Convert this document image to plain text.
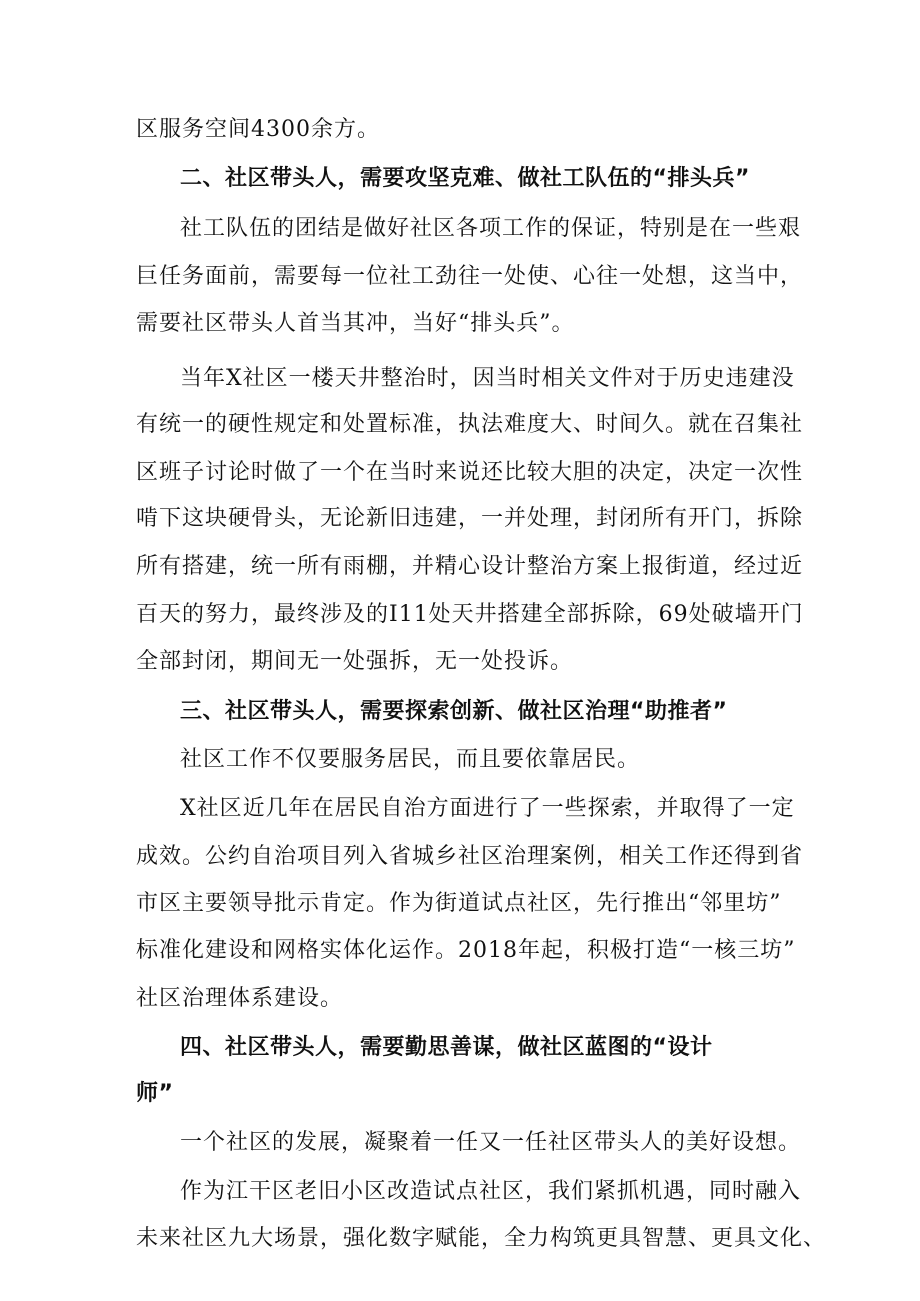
区服务空间4300余方。
二、社区带头人，需要攻坚克难、做社工队伍的“排头兵”
社工队伍的团结是做好社区各项工作的保证，特别是在一些艰
巨任务面前，需要每一位社工劲往一处使、心往一处想，这当中，
需要社区带头人首当其冲，当好“排头兵”。
当年X社区一楼天井整治时，因当时相关文件对于历史违建没
有统一的硬性规定和处置标准，执法难度大、时间久。就在召集社
区班子讨论时做了一个在当时来说还比较大胆的决定，决定一次性
啃下这块硬骨头，无论新旧违建，一并处理，封闭所有开门，拆除
所有搭建，统一所有雨棚，并精心设计整治方案上报街道，经过近
百天的努力，最终涉及的I11处天井搭建全部拆除，69处破墙开门
全部封闭，期间无一处强拆，无一处投诉。
三、社区带头人，需要探索创新、做社区治理“助推者”
社区工作不仅要服务居民，而且要依靠居民。
X社区近几年在居民自治方面进行了一些探索，并取得了一定
成效。公约自治项目列入省城乡社区治理案例，相关工作还得到省
市区主要领导批示肯定。作为街道试点社区，先行推出“邻里坊”
标准化建设和网格实体化运作。2018年起，积极打造“一核三坊”
社区治理体系建设。
四、社区带头人，需要勤思善谋，做社区蓝图的“设计
师”
一个社区的发展，凝聚着一任又一任社区带头人的美好设想。
作为江干区老旧小区改造试点社区，我们紧抓机遇，同时融入
未来社区九大场景，强化数字赋能，全力构筑更具智慧、更具文化、
